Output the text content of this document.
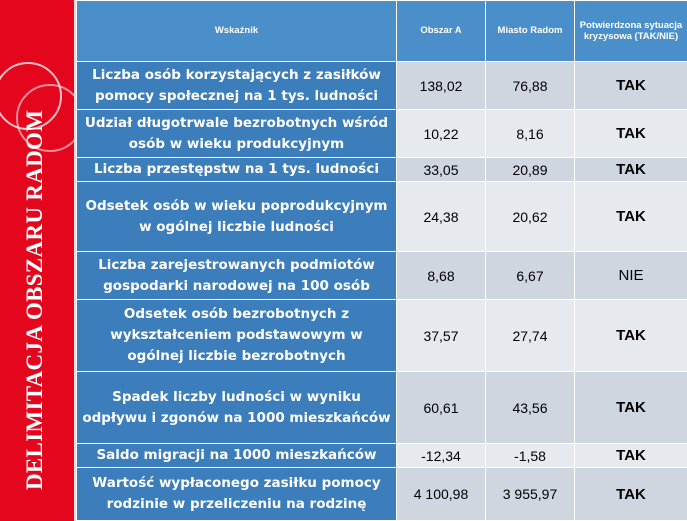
DELIMITACJA OBSZARU RADOM
Wskaźnik	Obszar A	Miasto Radom	Potwierdzona sytuacja kryzysowa (TAK/NIE)
Liczba osób korzystających z zasiłków pomocy społecznej na 1 tys. ludności	138,02	76,88	TAK
Udział długotrwale bezrobotnych wśród osób w wieku produkcyjnym	10,22	8,16	TAK
Liczba przestępstw na 1 tys. ludności	33,05	20,89	TAK
Odsetek osób w wieku poprodukcyjnym w ogólnej liczbie ludności	24,38	20,62	TAK
Liczba zarejestrowanych podmiotów gospodarki narodowej na 100 osób	8,68	6,67	NIE
Odsetek osób bezrobotnych z wykształceniem podstawowym w ogólnej liczbie bezrobotnych	37,57	27,74	TAK
Spadek liczby ludności w wyniku odpływu i zgonów na 1000 mieszkańców	60,61	43,56	TAK
Saldo migracji na 1000 mieszkańców	-12,34	-1,58	TAK
Wartość wypłaconego zasiłku pomocy rodzinie w przeliczeniu na rodzinę	4 100,98	3 955,97	TAK
